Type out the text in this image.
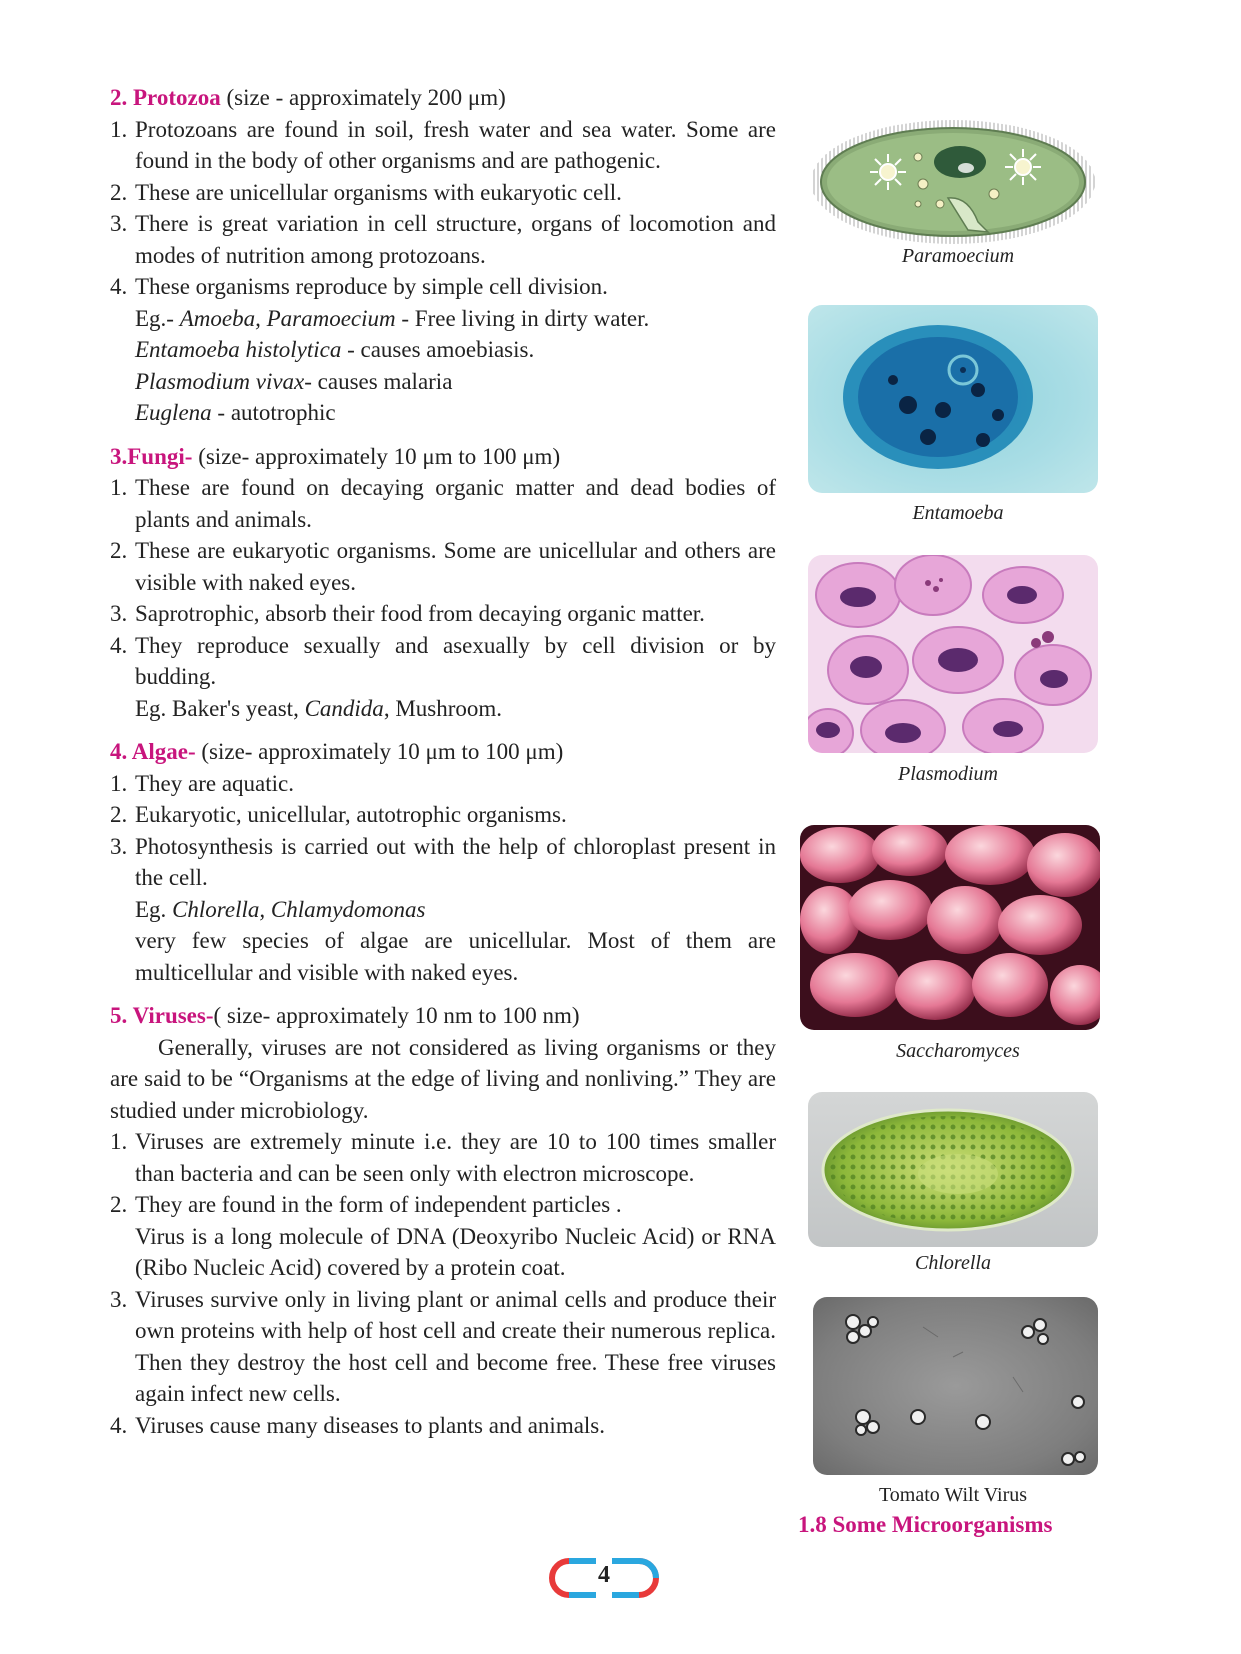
2. Protozoa (size - approximately 200 μm)

1. Protozoans are found in soil, fresh water and sea water. Some are found in the body of other organisms and are pathogenic.
2. These are unicellular organisms with eukaryotic cell.
3. There is great variation in cell structure, organs of locomotion and modes of nutrition among protozoans.
4. These organisms reproduce by simple cell division.

Eg.- Amoeba, Paramoecium - Free living in dirty water.

Entamoeba histolytica - causes amoebiasis.

Plasmodium vivax- causes malaria

Euglena - autotrophic

3.Fungi- (size- approximately 10 μm to 100 μm)

1. These are found on decaying organic matter and dead bodies of plants and animals.
2. These are eukaryotic organisms. Some are unicellular and others are visible with naked eyes.
3. Saprotrophic, absorb their food from decaying organic matter.
4. They reproduce sexually and asexually by cell division or by budding.

Eg. Baker's yeast, Candida, Mushroom.

4. Algae- (size- approximately 10 μm to 100 μm)

1. They are aquatic.
2. Eukaryotic, unicellular, autotrophic organisms.
3. Photosynthesis is carried out with the help of chloroplast present in the cell.

Eg. Chlorella, Chlamydomonas

very few species of algae are unicellular. Most of them are multicellular and visible with naked eyes.

5. Viruses-( size- approximately 10 nm to 100 nm)

Generally, viruses are not considered as living organisms or they are said to be “Organisms at the edge of living and nonliving.” They are studied under microbiology.

1. Viruses are extremely minute i.e. they are 10 to 100 times smaller than bacteria and can be seen only with electron microscope.
2. They are found in the form of independent particles .

Virus is a long molecule of DNA (Deoxyribo Nucleic Acid) or RNA (Ribo Nucleic Acid) covered by a protein coat.

3. Viruses survive only in living plant or animal cells and produce their own proteins with help of host cell and create their numerous replica. Then they destroy the host cell and become free. These free viruses again infect new cells.
4. Viruses cause many diseases to plants and animals.
Paramoecium
Entamoeba
Plasmodium
Saccharomyces
Chlorella
Tomato Wilt Virus
1.8 Some Microorganisms
4
